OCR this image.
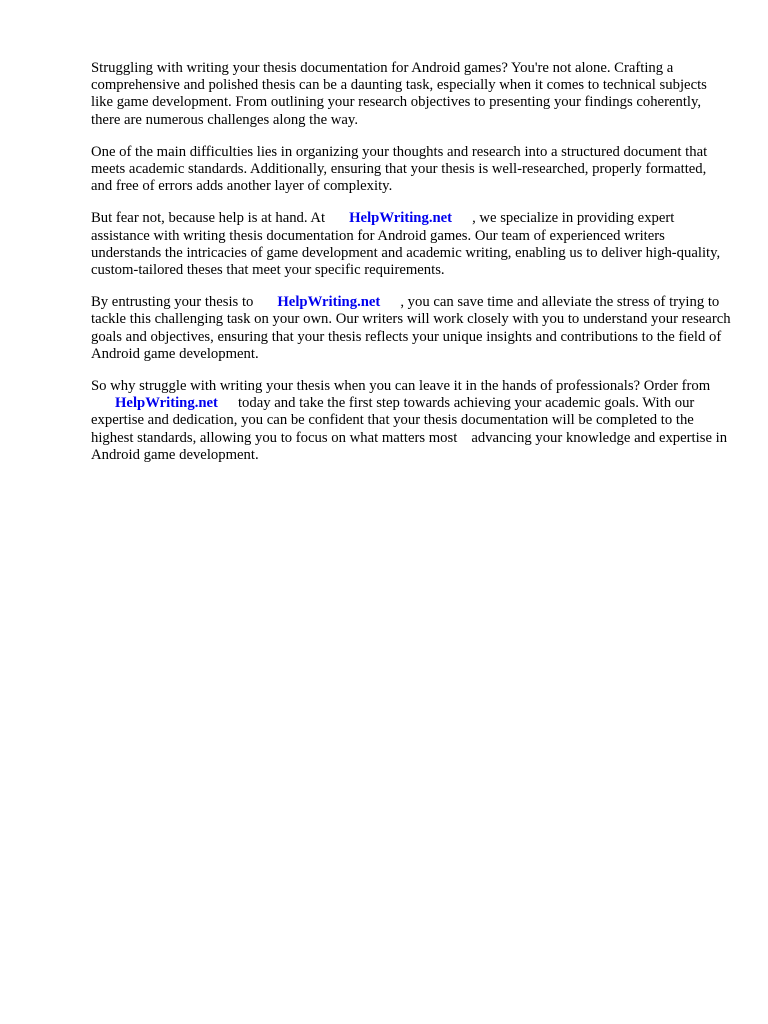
Struggling with writing your thesis documentation for Android games? You're not alone. Crafting a comprehensive and polished thesis can be a daunting task, especially when it comes to technical subjects like game development. From outlining your research objectives to presenting your findings coherently, there are numerous challenges along the way.

One of the main difficulties lies in organizing your thoughts and research into a structured document that meets academic standards. Additionally, ensuring that your thesis is well-researched, properly formatted, and free of errors adds another layer of complexity.

But fear not, because help is at hand. At HelpWriting.net , we specialize in providing expert assistance with writing thesis documentation for Android games. Our team of experienced writers understands the intricacies of game development and academic writing, enabling us to deliver high-quality, custom-tailored theses that meet your specific requirements.

By entrusting your thesis to HelpWriting.net , you can save time and alleviate the stress of trying to tackle this challenging task on your own. Our writers will work closely with you to understand your research goals and objectives, ensuring that your thesis reflects your unique insights and contributions to the field of Android game development.

So why struggle with writing your thesis when you can leave it in the hands of professionals? Order fromHelpWriting.net today and take the first step towards achieving your academic goals. With our expertise and dedication, you can be confident that your thesis documentation will be completed to the highest standards, allowing you to focus on what matters most advancing your knowledge and expertise in Android game development.
